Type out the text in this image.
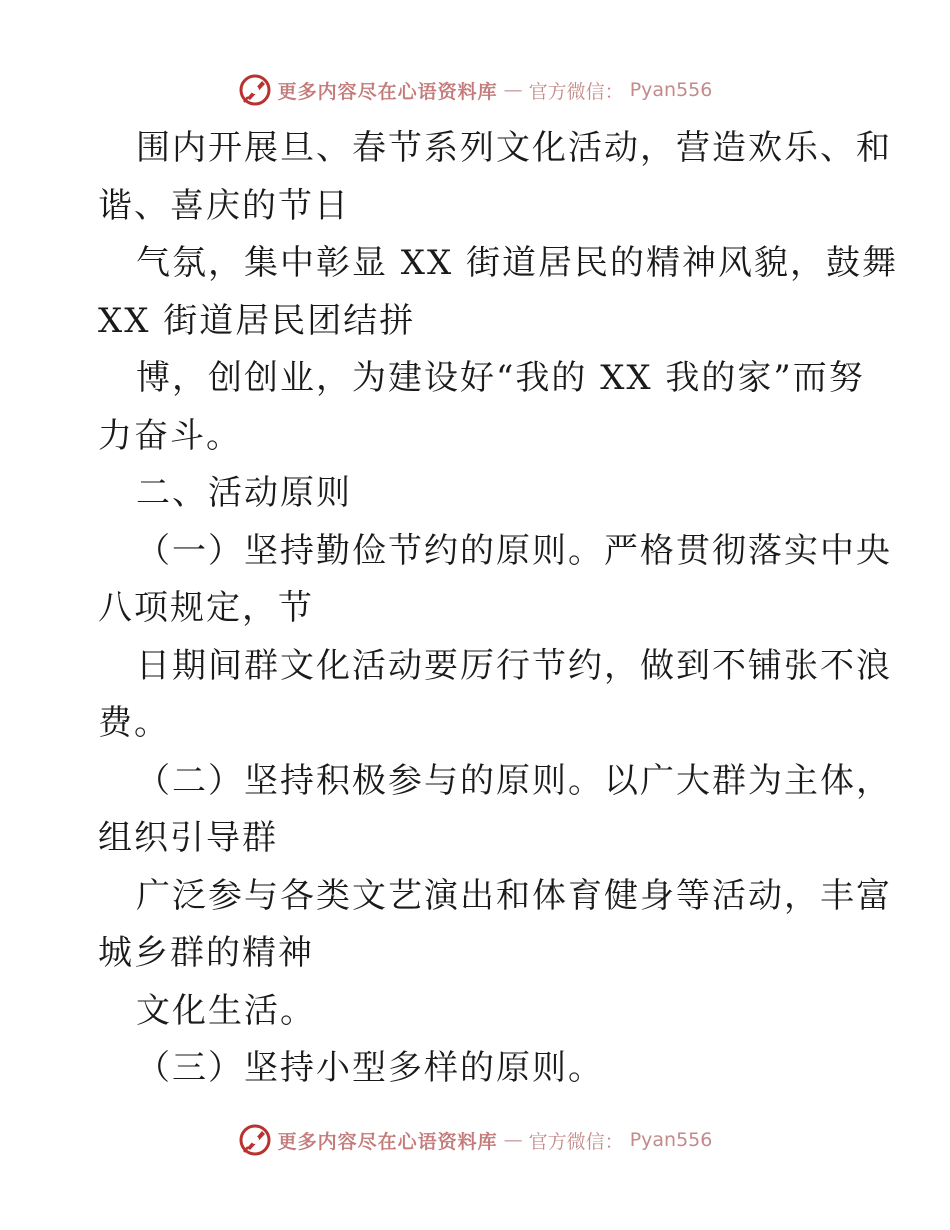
更多内容尽在心语资料库 — 官方微信： Pyan556
围内开展旦、春节系列文化活动，营造欢乐、和
谐、喜庆的节日
气氛，集中彰显 XX 街道居民的精神风貌，鼓舞
XX 街道居民团结拼
博，创创业，为建设好“我的 XX 我的家”而努
力奋斗。
二、活动原则
（一）坚持勤俭节约的原则。严格贯彻落实中央
八项规定，节
日期间群文化活动要厉行节约，做到不铺张不浪
费。
（二）坚持积极参与的原则。以广大群为主体，
组织引导群
广泛参与各类文艺演出和体育健身等活动，丰富
城乡群的精神
文化生活。
（三）坚持小型多样的原则。
更多内容尽在心语资料库 — 官方微信： Pyan556
